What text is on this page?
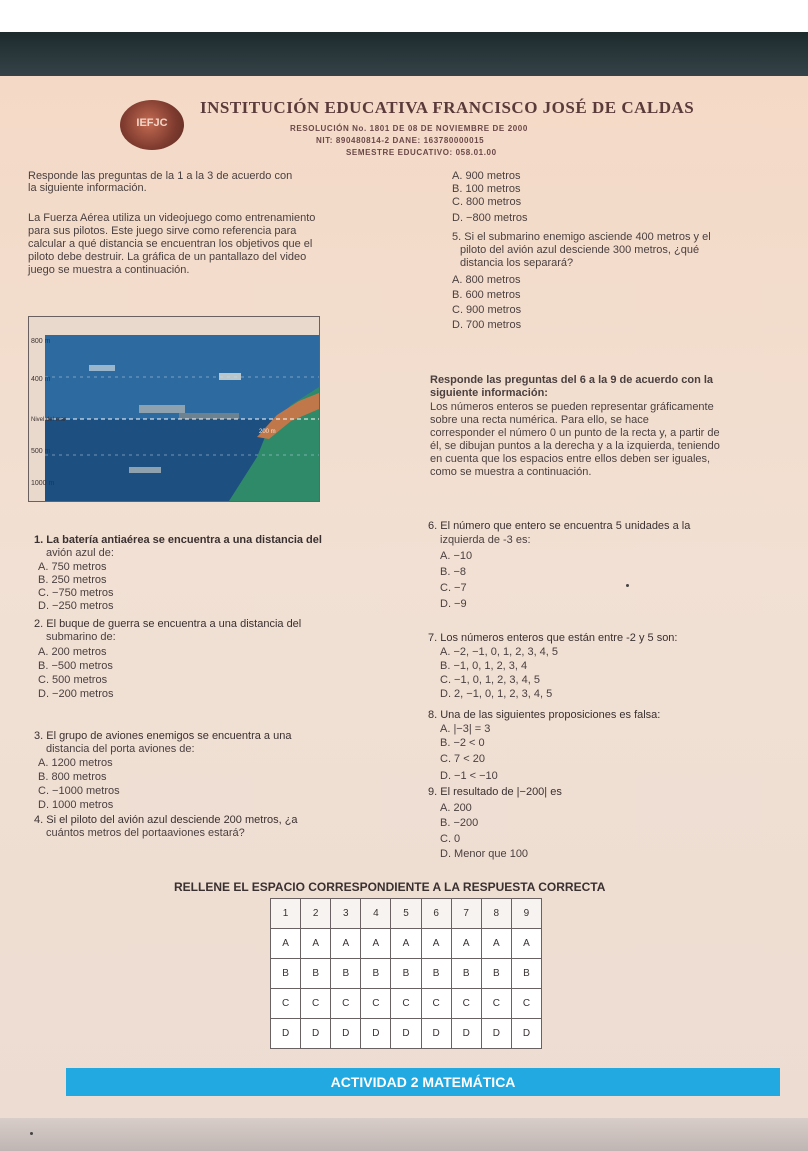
IEFJC
INSTITUCIÓN EDUCATIVA FRANCISCO JOSÉ DE CALDAS
RESOLUCIÓN No. 1801 DE 08 DE NOVIEMBRE DE 2000
NIT: 890480814-2 DANE: 163780000015
SEMESTRE EDUCATIVO: 058.01.00
Responde las preguntas de la 1 a la 3 de acuerdo con
la siguiente información.
La Fuerza Aérea utiliza un videojuego como entrenamiento
para sus pilotos. Este juego sirve como referencia para
calcular a qué distancia se encuentran los objetivos que el
piloto debe destruir. La gráfica de un pantallazo del video
juego se muestra a continuación.
A. 900 metros
B. 100 metros
C. 800 metros
D. −800 metros
5. Si el submarino enemigo asciende 400 metros y el
piloto del avión azul desciende 300 metros, ¿qué
distancia los separará?
A. 800 metros
B. 600 metros
C. 900 metros
D. 700 metros
800 m
400 m
Nivel del mar
500 m
1000 m
200 m
Responde las preguntas del 6 a la 9 de acuerdo con la
siguiente información:
Los números enteros se pueden representar gráficamente
sobre una recta numérica. Para ello, se hace
corresponder el número 0 un punto de la recta y, a partir de
él, se dibujan puntos a la derecha y a la izquierda, teniendo
en cuenta que los espacios entre ellos deben ser iguales,
como se muestra a continuación.
1. La batería antiaérea se encuentra a una distancia del
avión azul de:
A. 750 metros
B. 250 metros
C. −750 metros
D. −250 metros
2. El buque de guerra se encuentra a una distancia del
submarino de:
A. 200 metros
B. −500 metros
C. 500 metros
D. −200 metros
3. El grupo de aviones enemigos se encuentra a una
distancia del porta aviones de:
A. 1200 metros
B. 800 metros
C. −1000 metros
D. 1000 metros
4. Si el piloto del avión azul desciende 200 metros, ¿a
cuántos metros del portaaviones estará?
6. El número que entero se encuentra 5 unidades a la
izquierda de -3 es:
A. −10
B. −8
C. −7
D. −9
7. Los números enteros que están entre -2 y 5 son:
A. −2, −1, 0, 1, 2, 3, 4, 5
B. −1, 0, 1, 2, 3, 4
C. −1, 0, 1, 2, 3, 4, 5
D. 2, −1, 0, 1, 2, 3, 4, 5
8. Una de las siguientes proposiciones es falsa:
A. |−3| = 3
B. −2 < 0
C. 7 < 20
D. −1 < −10
9. El resultado de |−200| es
A. 200
B. −200
C. 0
D. Menor que 100
RELLENE EL ESPACIO CORRESPONDIENTE A LA RESPUESTA CORRECTA
1	2	3	4	5	6	7	8	9
A	A	A	A	A	A	A	A	A
B	B	B	B	B	B	B	B	B
C	C	C	C	C	C	C	C	C
D	D	D	D	D	D	D	D	D
ACTIVIDAD 2 MATEMÁTICA
